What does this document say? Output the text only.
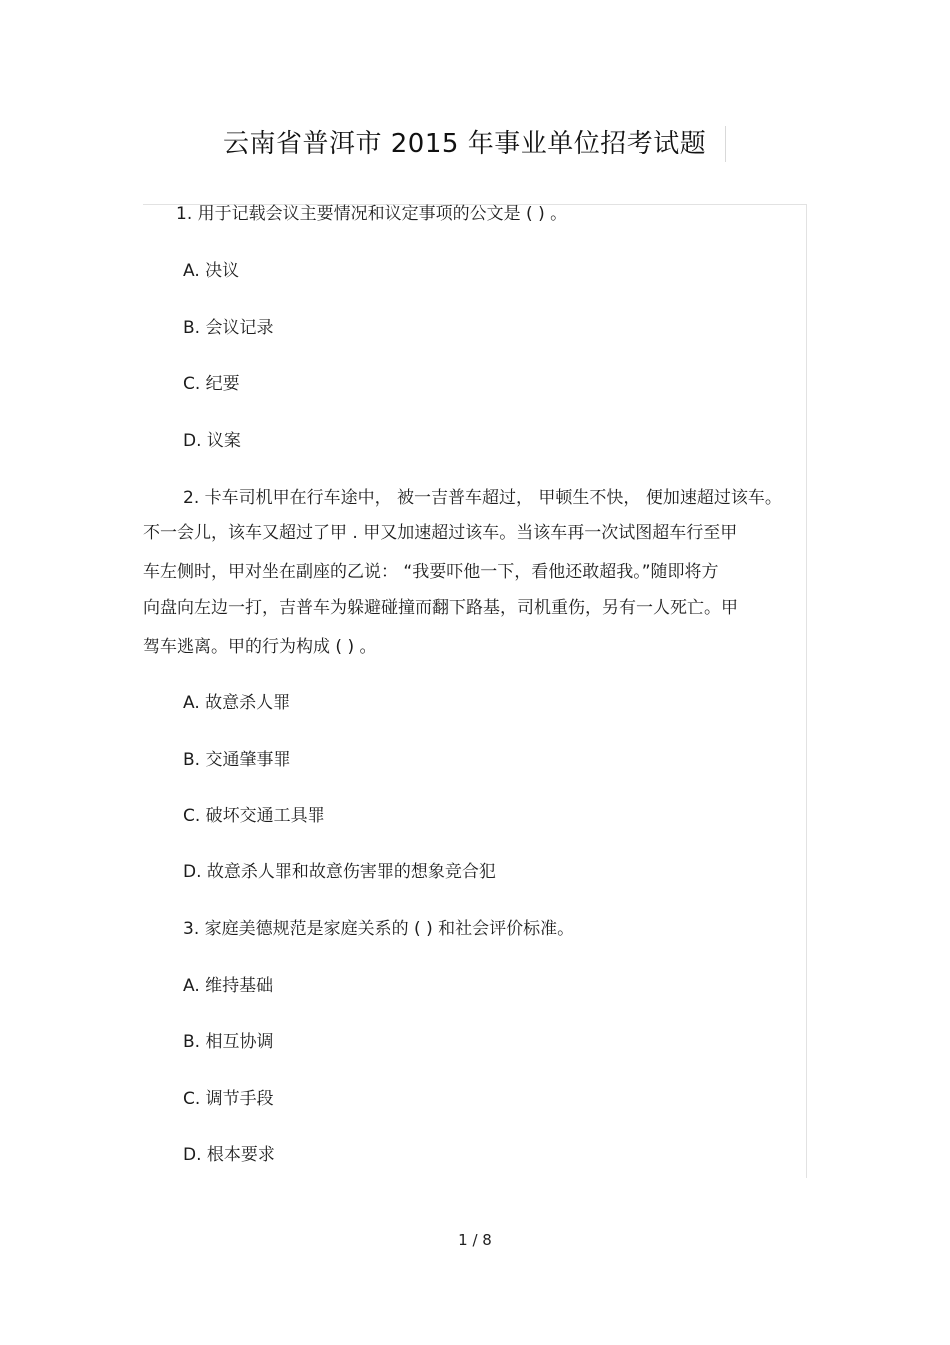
云南省普洱市 2015 年事业单位招考试题
1. 用于记载会议主要情况和议定事项的公文是 ( ) 。
A. 决议
B. 会议记录
C. 纪要
D. 议案
2. 卡车司机甲在行车途中， 被一吉普车超过， 甲顿生不快， 便加速超过该车。
不一会儿，该车又超过了甲 . 甲又加速超过该车。当该车再一次试图超车行至甲
车左侧时，甲对坐在副座的乙说： “我要吓他一下，看他还敢超我。”随即将方
向盘向左边一打，吉普车为躲避碰撞而翻下路基，司机重伤，另有一人死亡。甲
驾车逃离。甲的行为构成 ( ) 。
A. 故意杀人罪
B. 交通肇事罪
C. 破坏交通工具罪
D. 故意杀人罪和故意伤害罪的想象竞合犯
3. 家庭美德规范是家庭关系的 ( ) 和社会评价标准。
A. 维持基础
B. 相互协调
C. 调节手段
D. 根本要求
1 / 8
